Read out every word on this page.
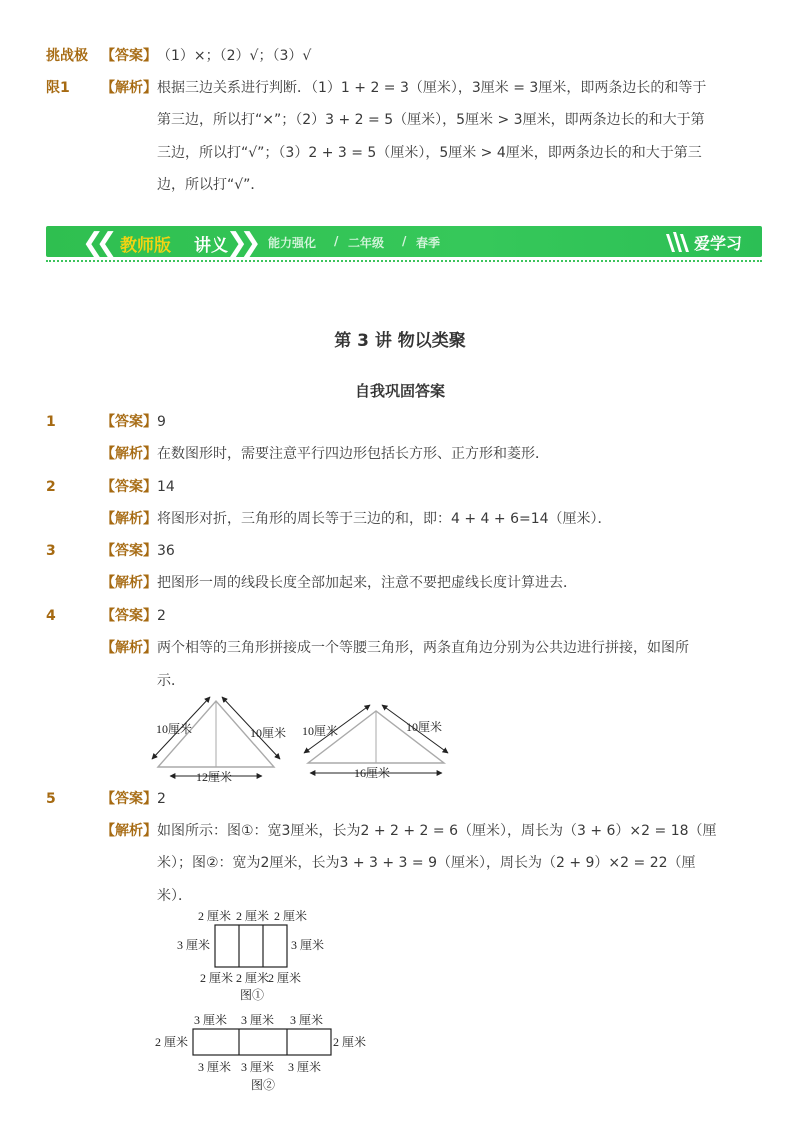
挑战极 【答案】 （1）×；（2）√；（3）√
限1 【解析】 根据三边关系进行判断．（1）1 + 2 = 3（厘米），3厘米 = 3厘米，即两条边长的和等于
第三边，所以打“×”；（2）3 + 2 = 5（厘米），5厘米 > 3厘米，即两条边长的和大于第
三边，所以打“√”；（3）2 + 3 = 5（厘米），5厘米 > 4厘米，即两条边长的和大于第三
边，所以打“√”．
❮❮ 教师版 讲义
❯❯ 能力强化 / 二年级 / 春季	爱学习
第 3 讲 物以类聚
自我巩固答案
1	【答案】 9
【解析】 在数图形时，需要注意平行四边形包括长方形、正方形和菱形．
2	【答案】 14
【解析】 将图形对折，三角形的周长等于三边的和，即：4 + 4 + 6=14（厘米）．
3	【答案】 36
【解析】 把图形一周的线段长度全部加起来，注意不要把虚线长度计算进去．
4	【答案】 2
【解析】 两个相等的三角形拼接成一个等腰三角形，两条直角边分别为公共边进行拼接，如图所
示．
10厘米	10厘米
12厘米
10厘米	10厘米
16厘米
5	【答案】 2
【解析】 如图所示：图①：宽3厘米，长为2 + 2 + 2 = 6（厘米），周长为（3 + 6）×2 = 18（厘
米）；图②：宽为2厘米，长为3 + 3 + 3 = 9（厘米），周长为（2 + 9）×2 = 22（厘
米）．
2 厘米 2 厘米 2 厘米
3 厘米	3 厘米
2 厘米 2 厘米
2 厘米
图①
3 厘米 3 厘米 3 厘米
2 厘米	2 厘米
3 厘米 3 厘米 3 厘米
图②
